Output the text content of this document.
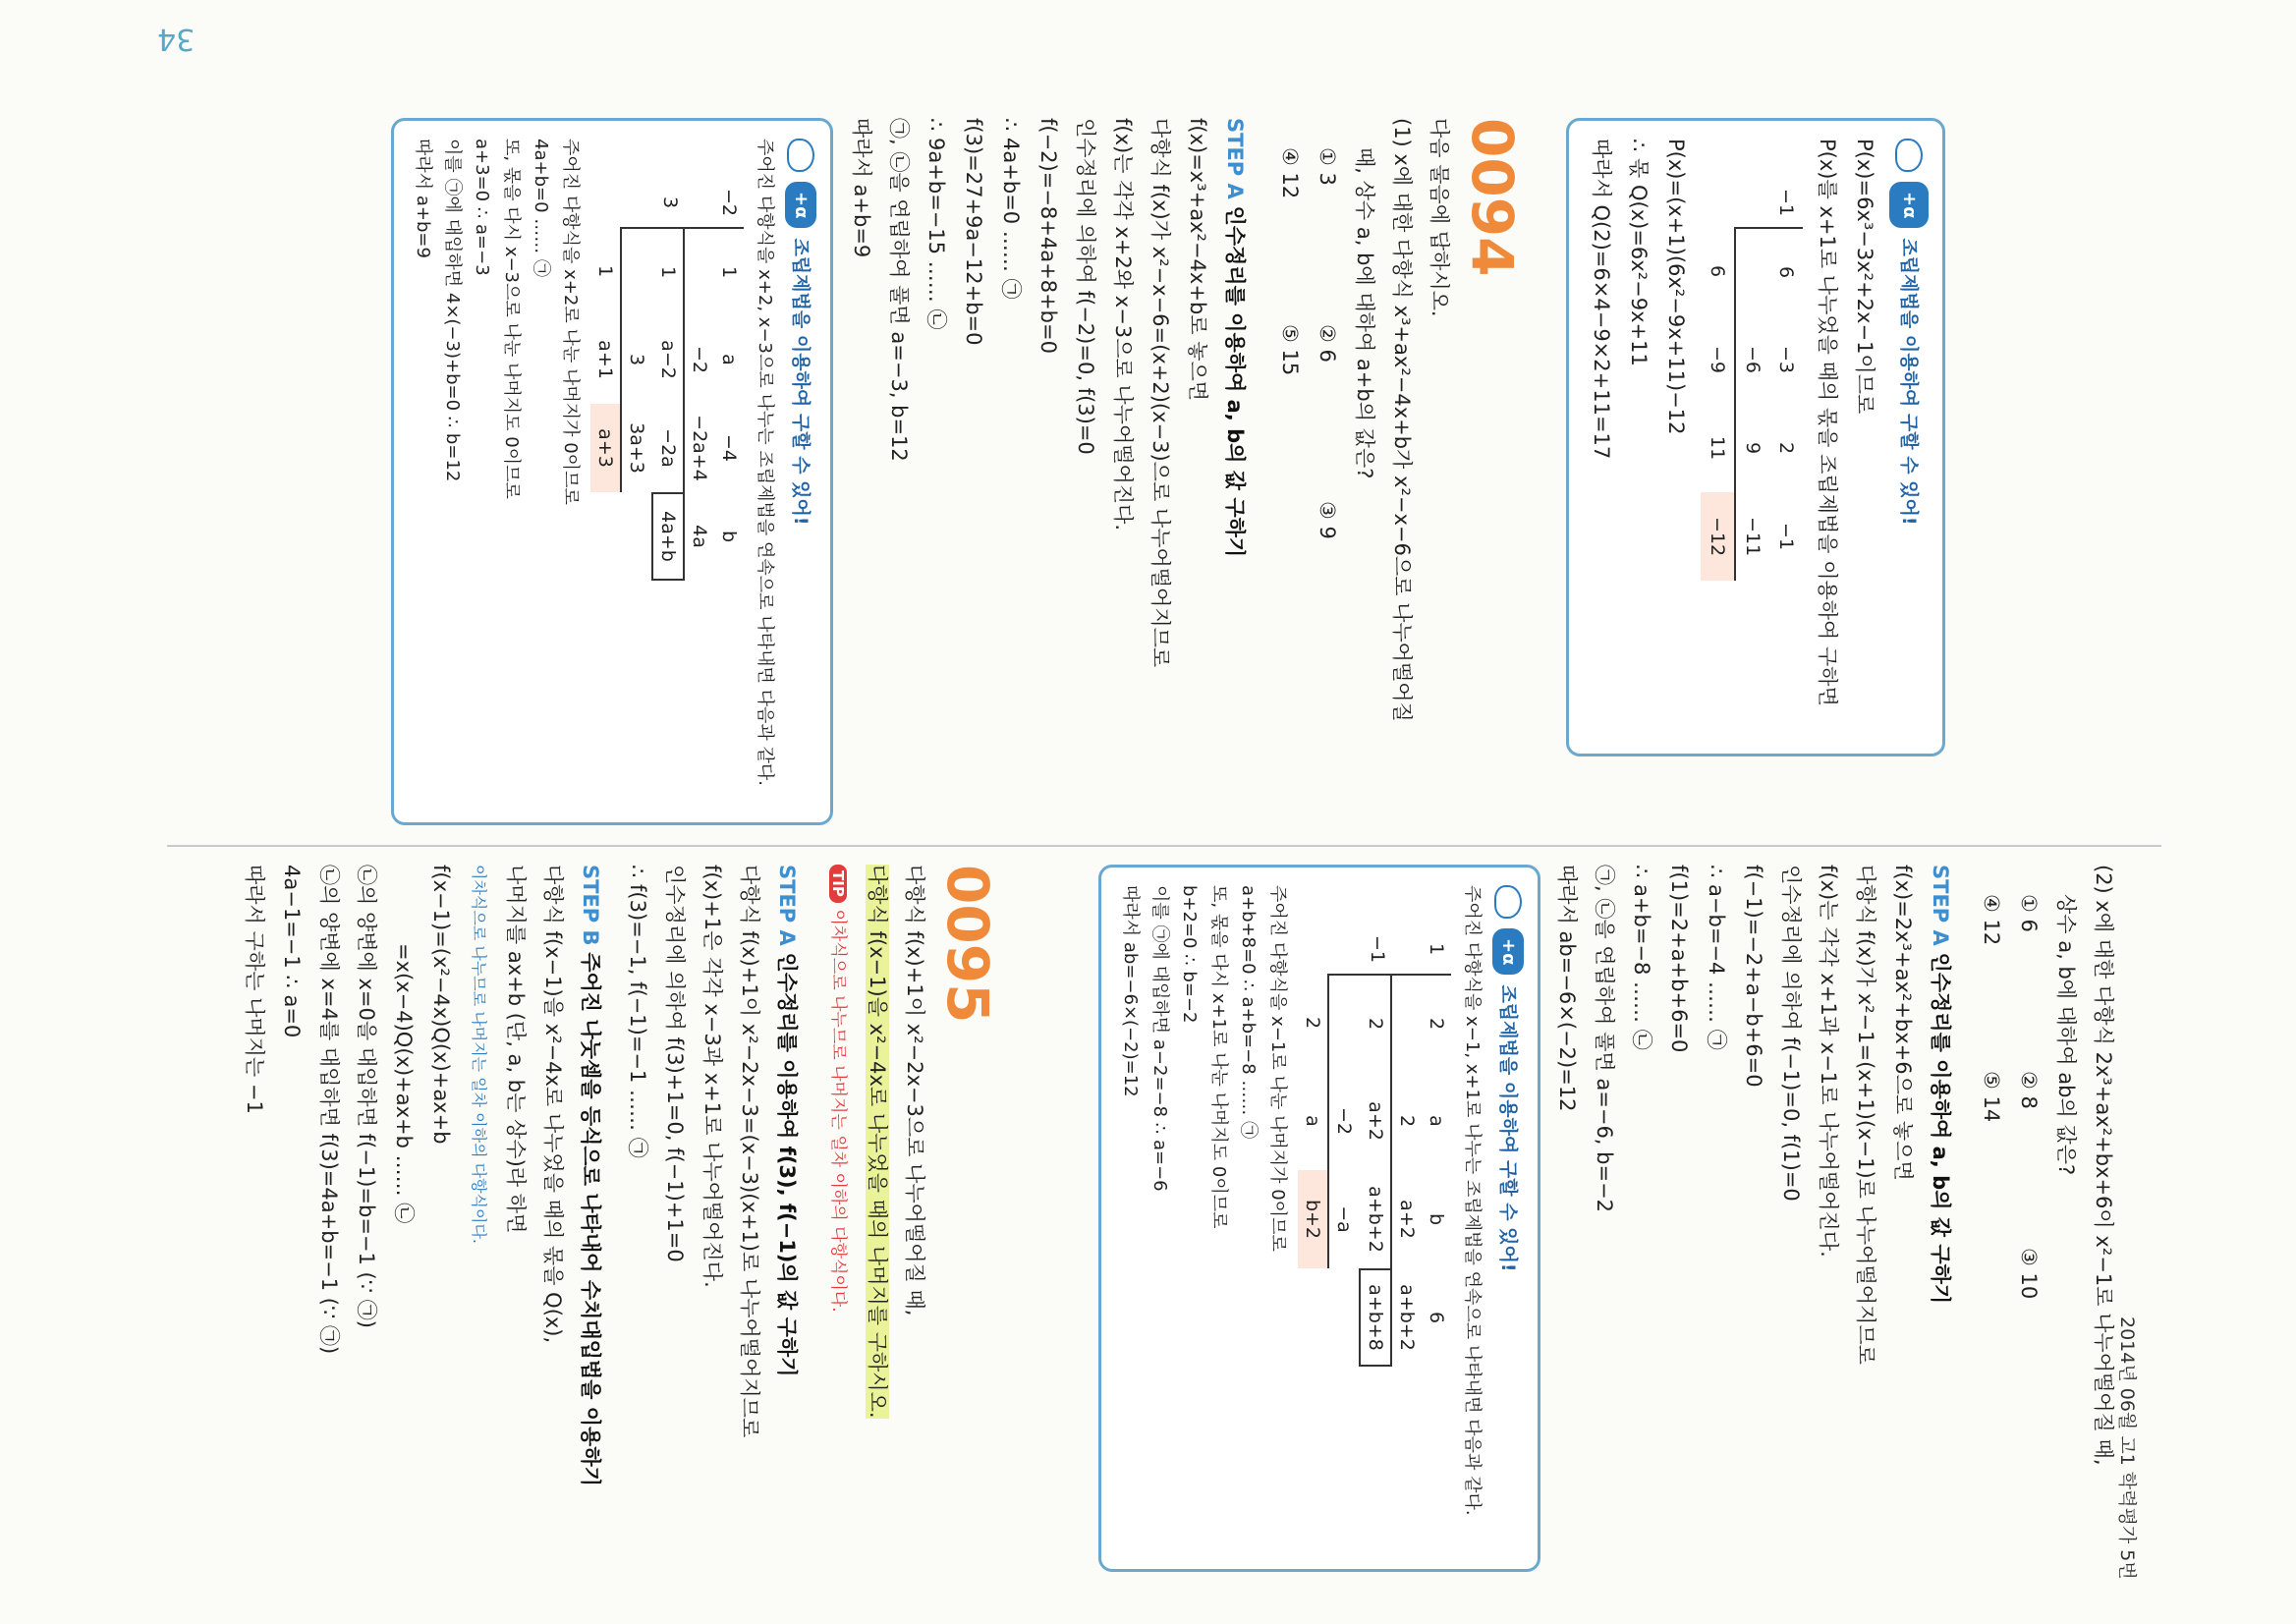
34
+α
조립제법을 이용하여 구할 수 있어!
P(x)=6x³−3x²+2x−1이므로
P(x)를 x+1로 나누었을 때의 몫을 조립제법을 이용하여 구하면
−1
6
−3
2
−1
−6
9
−11
6
−9
11
−12
P(x)=(x+1)(6x²−9x+11)−12
∴ 몫 Q(x)=6x²−9x+11
따라서 Q(2)=6×4−9×2+11=17
0094
다음 물음에 답하시오.
(1) x에 대한 다항식 x³+ax²−4x+b가 x²−x−6으로 나누어떨어질
때, 상수 a, b에 대하여 a+b의 값은?
① 3
② 6
③ 9
④ 12
⑤ 15
STEP A 인수정리를 이용하여 a, b의 값 구하기
f(x)=x³+ax²−4x+b로 놓으면
다항식 f(x)가 x²−x−6=(x+2)(x−3)으로 나누어떨어지므로
f(x)는 각각 x+2와 x−3으로 나누어떨어진다.
인수정리에 의하여 f(−2)=0, f(3)=0
f(−2)=−8+4a+8+b=0
∴ 4a+b=0 …… ㉠
f(3)=27+9a−12+b=0
∴ 9a+b=−15 …… ㉡
㉠, ㉡을 연립하여 풀면 a=−3, b=12
따라서 a+b=9
+α
조립제법을 이용하여 구할 수 있어!
주어진 다항식을 x+2, x−3으로 나누는 조립제법을 연속으로 나타내면 다음과 같다.
−2
1
a
−4
b
−2
−2a+4
4a
3
1
a−2
−2a
4a+b
3
3a+3
1
a+1
a+3
주어진 다항식을 x+2로 나눈 나머지가 0이므로
4a+b=0 …… ㉠
또, 몫을 다시 x−3으로 나눈 나머지도 0이므로
a+3=0 ∴ a=−3
이를 ㉠에 대입하면 4×(−3)+b=0 ∴ b=12
따라서 a+b=9
2014년 06월 고1 학력평가 5번
(2) x에 대한 다항식 2x³+ax²+bx+6이 x²−1로 나누어떨어질 때,
상수 a, b에 대하여 ab의 값은?
① 6
② 8
③ 10
④ 12
⑤ 14
STEP A 인수정리를 이용하여 a, b의 값 구하기
f(x)=2x³+ax²+bx+6으로 놓으면
다항식 f(x)가 x²−1=(x+1)(x−1)로 나누어떨어지므로
f(x)는 각각 x+1과 x−1로 나누어떨어진다.
인수정리에 의하여 f(−1)=0, f(1)=0
f(−1)=−2+a−b+6=0
∴ a−b=−4 …… ㉠
f(1)=2+a+b+6=0
∴ a+b=−8 …… ㉡
㉠, ㉡을 연립하여 풀면 a=−6, b=−2
따라서 ab=−6×(−2)=12
+α
조립제법을 이용하여 구할 수 있어!
주어진 다항식을 x−1, x+1로 나누는 조립제법을 연속으로 나타내면 다음과 같다.
1
2
a
b
6
2
a+2
a+b+2
−1
2
a+2
a+b+2
a+b+8
−2
−a
2
a
b+2
주어진 다항식을 x−1로 나눈 나머지가 0이므로
a+b+8=0 ∴ a+b=−8 …… ㉠
또, 몫을 다시 x+1로 나눈 나머지도 0이므로
b+2=0 ∴ b=−2
이를 ㉠에 대입하면 a−2=−8 ∴ a=−6
따라서 ab=−6×(−2)=12
0095
다항식 f(x)+1이 x²−2x−3으로 나누어떨어질 때,
다항식 f(x−1)을 x²−4x로 나누었을 때의 나머지를 구하시오.
TIP 이차식으로 나누므로 나머지는 일차 이하의 다항식이다.
STEP A 인수정리를 이용하여 f(3), f(−1)의 값 구하기
다항식 f(x)+1이 x²−2x−3=(x−3)(x+1)로 나누어떨어지므로
f(x)+1은 각각 x−3과 x+1로 나누어떨어진다.
인수정리에 의하여 f(3)+1=0, f(−1)+1=0
∴ f(3)=−1, f(−1)=−1 …… ㉠
STEP B 주어진 나눗셈을 등식으로 나타내어 수치대입법을 이용하기
다항식 f(x−1)을 x²−4x로 나누었을 때의 몫을 Q(x),
나머지를 ax+b (단, a, b는 상수)라 하면
이차식으로 나누므로 나머지는 일차 이하의 다항식이다.
f(x−1)=(x²−4x)Q(x)+ax+b
=x(x−4)Q(x)+ax+b …… ㉡
㉡의 양변에 x=0을 대입하면 f(−1)=b=−1 (∵ ㉠)
㉡의 양변에 x=4를 대입하면 f(3)=4a+b=−1 (∵ ㉠)
4a−1=−1 ∴ a=0
따라서 구하는 나머지는 −1
